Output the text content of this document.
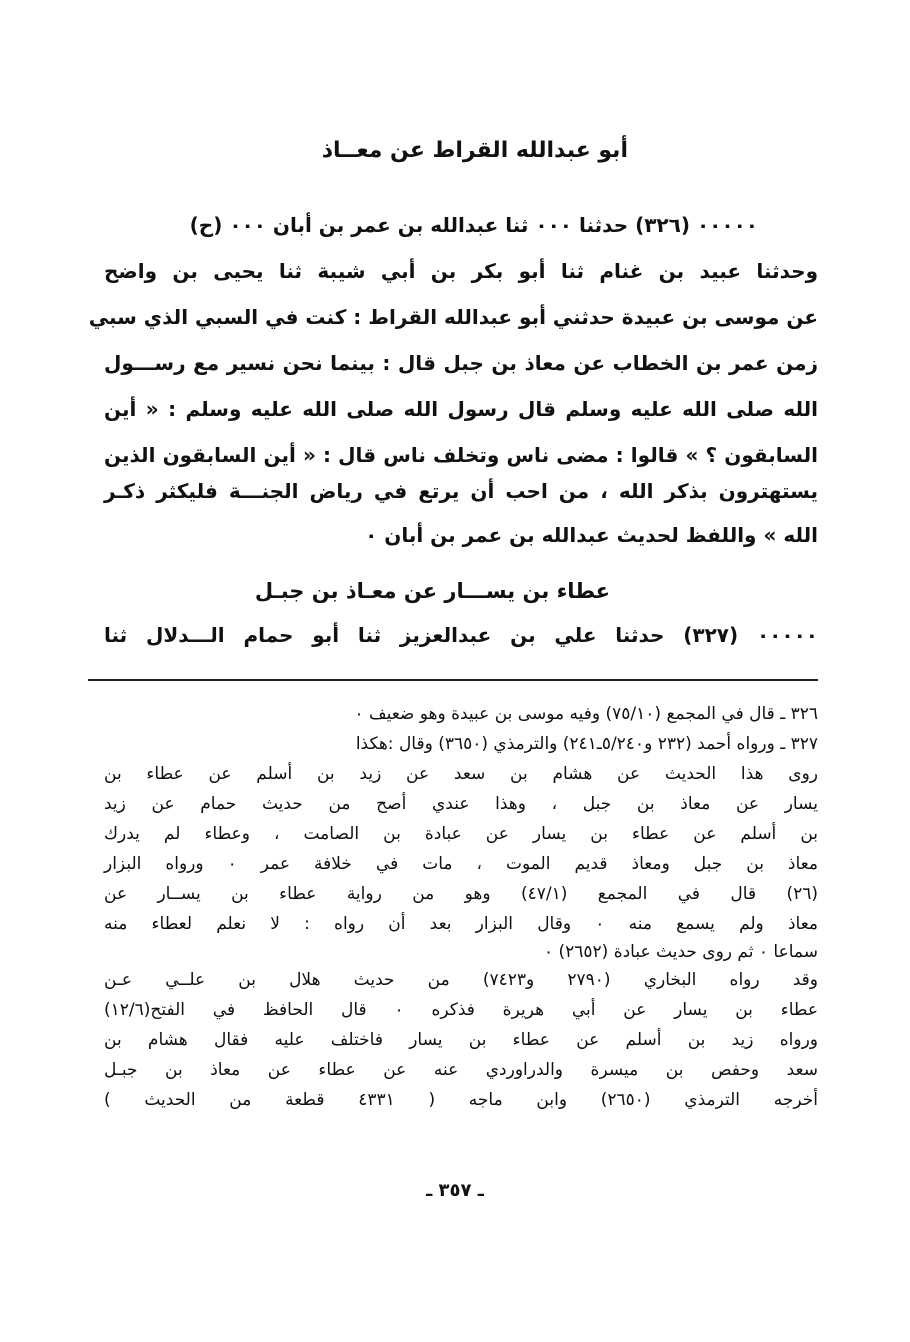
أبو عبدالله القراط عن معــاذ
٠٠٠٠٠ (٣٢٦) حدثنا ٠٠٠ ثنا عبدالله بن عمر بن أبان ٠٠٠ (ح)
وحدثنا عبيد بن غنام ثنا أبو بكر بن أبي شيبة ثنا يحيى بن واضح
عن موسى بن عبيدة حدثني أبو عبدالله القراط : كنت في السبي الذي سبي
زمن عمر بن الخطاب عن معاذ بن جبل قال : بينما نحن نسير مع رســـول
الله صلى الله عليه وسلم قال رسول الله صلى الله عليه وسلم : « أين
السابقون ؟ » قالوا : مضى ناس وتخلف ناس قال : « أين السابقون الذين
يستهترون بذكر الله ، من احب أن يرتع في رياض الجنـــة فليكثر ذكـر
الله » واللفظ لحديث عبدالله بن عمر بن أبان ٠
عطاء بن يســـار عن معـاذ بن جبـل
٠٠٠٠٠ (٣٢٧) حدثنا علي بن عبدالعزيز ثنا أبو حمام الـــدلال ثنا
٣٢٦ ـ قال في المجمع (٧٥/١٠) وفيه موسى بن عبيدة وهو ضعيف ٠
٣٢٧ ـ ورواه أحمد (٢٣٢ و٥/٢٤٠ـ٢٤١) والترمذي (٣٦٥٠) وقال :هكذا
روى هذا الحديث عن هشام بن سعد عن زيد بن أسلم عن عطاء بن
يسار عن معاذ بن جبل ، وهذا عندي أصح من حديث حمام عن زيد
بن أسلم عن عطاء بن يسار عن عبادة بن الصامت ، وعطاء لم يدرك
معاذ بن جبل ومعاذ قديم الموت ، مات في خلافة عمر ٠ ورواه البزار
(٢٦) قال في المجمع (٤٧/١) وهو من رواية عطاء بن يســار عن
معاذ ولم يسمع منه ٠ وقال البزار بعد أن رواه : لا نعلم لعطاء منه
سماعا ٠ ثم روى حديث عبادة (٢٦٥٢) ٠
وقد رواه البخاري (٢٧٩٠ و٧٤٢٣) من حديث هلال بن علــي عـن
عطاء بن يسار عن أبي هريرة فذكره ٠ قال الحافظ في الفتح(١٢/٦)
ورواه زيد بن أسلم عن عطاء بن يسار فاختلف عليه فقال هشام بن
سعد وحفص بن ميسرة والدراوردي عنه عن عطاء عن معاذ بن جبـل
أخرجه الترمذي (٢٦٥٠) وابن ماجه ( ٤٣٣١ قطعة من الحديث )
ـ ٣٥٧ ـ
